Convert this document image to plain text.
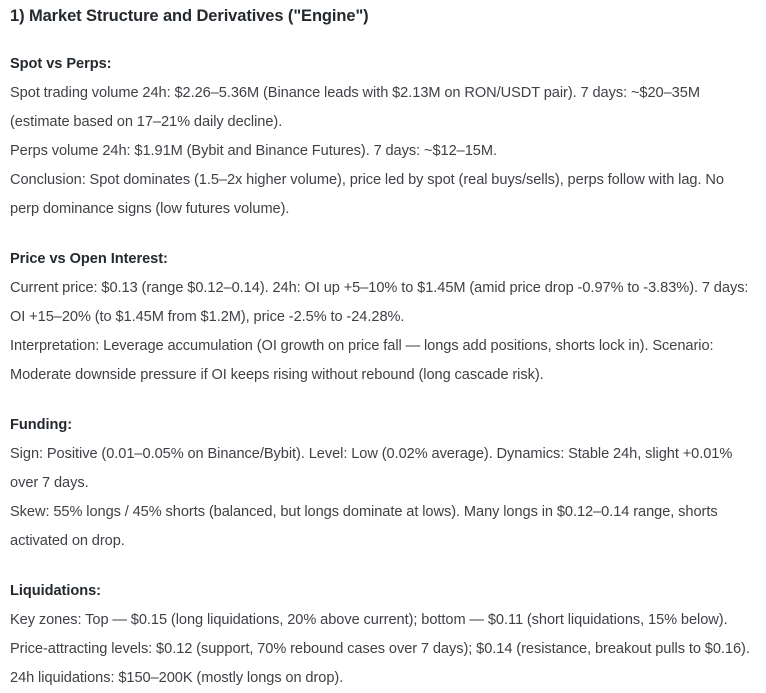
1) Market Structure and Derivatives ("Engine")

Spot vs Perps:

Spot trading volume 24h: $2.26–5.36M (Binance leads with $2.13M on RON/USDT pair). 7 days: ~$20–35M (estimate based on 17–21% daily decline).

Perps volume 24h: $1.91M (Bybit and Binance Futures). 7 days: ~$12–15M.

Conclusion: Spot dominates (1.5–2x higher volume), price led by spot (real buys/sells), perps follow with lag. No perp dominance signs (low futures volume).

Price vs Open Interest:

Current price: $0.13 (range $0.12–0.14). 24h: OI up +5–10% to $1.45M (amid price drop -0.97% to -3.83%). 7 days: OI +15–20% (to $1.45M from $1.2M), price -2.5% to -24.28%.

Interpretation: Leverage accumulation (OI growth on price fall — longs add positions, shorts lock in). Scenario: Moderate downside pressure if OI keeps rising without rebound (long cascade risk).

Funding:

Sign: Positive (0.01–0.05% on Binance/Bybit). Level: Low (0.02% average). Dynamics: Stable 24h, slight +0.01% over 7 days.

Skew: 55% longs / 45% shorts (balanced, but longs dominate at lows). Many longs in $0.12–0.14 range, shorts activated on drop.

Liquidations:

Key zones: Top — $0.15 (long liquidations, 20% above current); bottom — $0.11 (short liquidations, 15% below).

Price-attracting levels: $0.12 (support, 70% rebound cases over 7 days); $0.14 (resistance, breakout pulls to $0.16). 24h liquidations: $150–200K (mostly longs on drop).
